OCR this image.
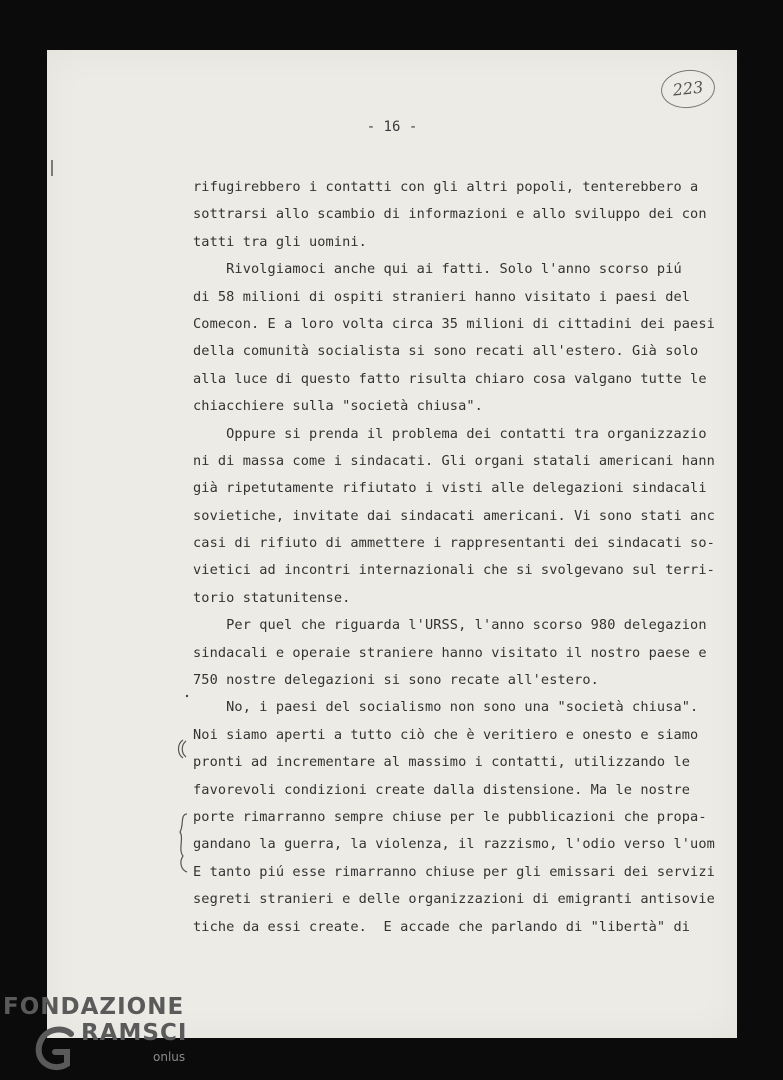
223
- 16 -
rifugirebbero i contatti con gli altri popoli, tenterebbero a
sottrarsi allo scambio di informazioni e allo sviluppo dei con
tatti tra gli uomini.
Rivolgiamoci anche qui ai fatti. Solo l'anno scorso piú
di 58 milioni di ospiti stranieri hanno visitato i paesi del
Comecon. E a loro volta circa 35 milioni di cittadini dei paesi
della comunità socialista si sono recati all'estero. Già solo
alla luce di questo fatto risulta chiaro cosa valgano tutte le
chiacchiere sulla "società chiusa".
Oppure si prenda il problema dei contatti tra organizzazio
ni di massa come i sindacati. Gli organi statali americani hann
già ripetutamente rifiutato i visti alle delegazioni sindacali
sovietiche, invitate dai sindacati americani. Vi sono stati anc
casi di rifiuto di ammettere i rappresentanti dei sindacati so-
vietici ad incontri internazionali che si svolgevano sul terri-
torio statunitense.
Per quel che riguarda l'URSS, l'anno scorso 980 delegazion
sindacali e operaie straniere hanno visitato il nostro paese e
750 nostre delegazioni si sono recate all'estero.
No, i paesi del socialismo non sono una "società chiusa".
Noi siamo aperti a tutto ciò che è veritiero e onesto e siamo
pronti ad incrementare al massimo i contatti, utilizzando le
favorevoli condizioni create dalla distensione. Ma le nostre
porte rimarranno sempre chiuse per le pubblicazioni che propa-
gandano la guerra, la violenza, il razzismo, l'odio verso l'uom
E tanto piú esse rimarranno chiuse per gli emissari dei servizi
segreti stranieri e delle organizzazioni di emigranti antisovie
tiche da essi create.  E accade che parlando di "libertà" di
FONDAZIONE
RAMSCI
onlus
